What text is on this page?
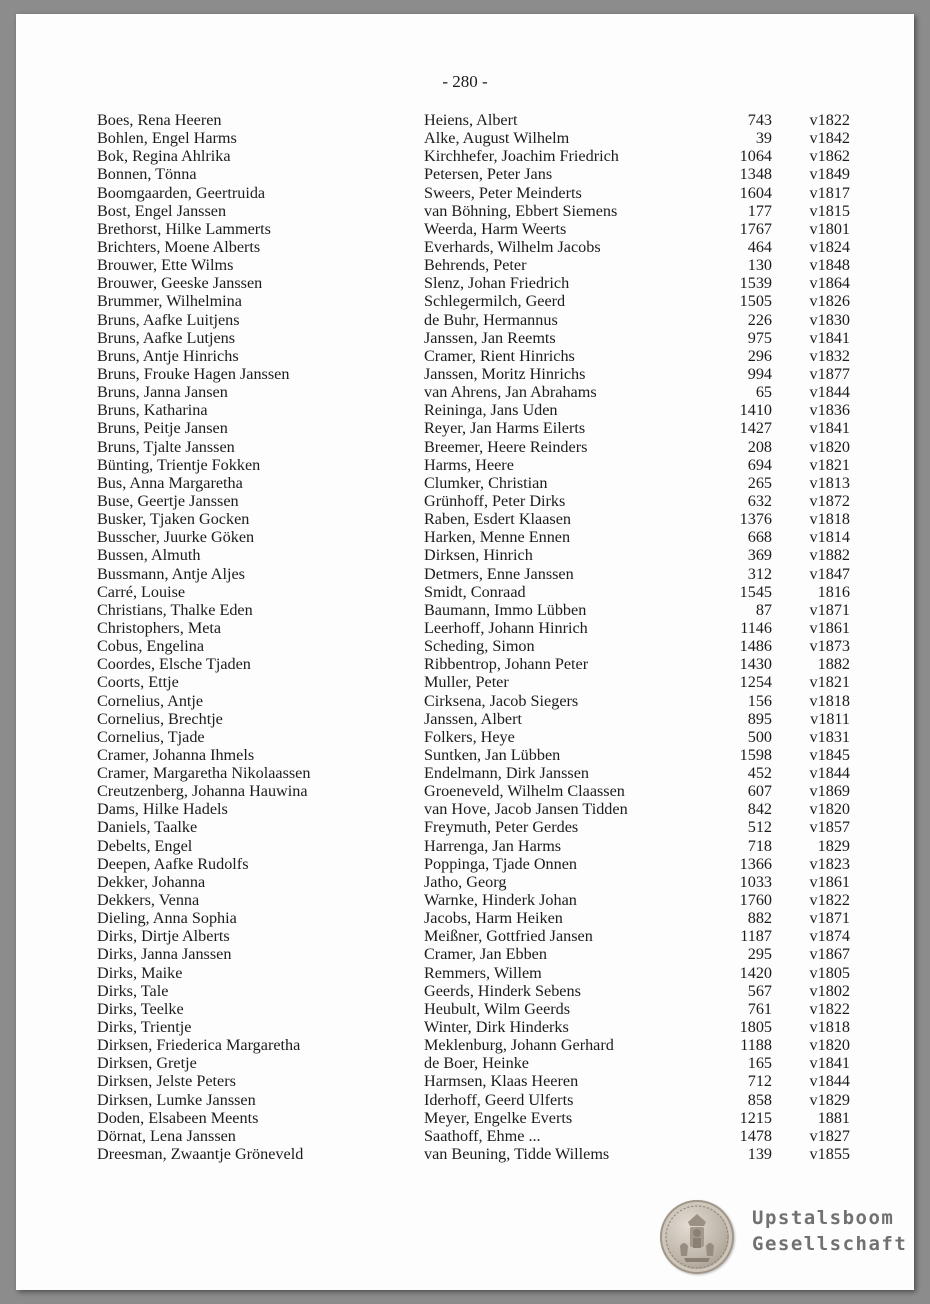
- 280 -
Boes, Rena Heeren	Heiens, Albert	743 v1822
Bohlen, Engel Harms	Alke, August Wilhelm	39 v1842
Bok, Regina Ahlrika	Kirchhefer, Joachim Friedrich	1064 v1862
Bonnen, Tönna	Petersen, Peter Jans	1348 v1849
Boomgaarden, Geertruida	Sweers, Peter Meinderts	1604 v1817
Bost, Engel Janssen	van Böhning, Ebbert Siemens	177 v1815
Brethorst, Hilke Lammerts	Weerda, Harm Weerts	1767 v1801
Brichters, Moene Alberts	Everhards, Wilhelm Jacobs	464 v1824
Brouwer, Ette Wilms	Behrends, Peter	130 v1848
Brouwer, Geeske Janssen	Slenz, Johan Friedrich	1539 v1864
Brummer, Wilhelmina	Schlegermilch, Geerd	1505 v1826
Bruns, Aafke Luitjens	de Buhr, Hermannus	226 v1830
Bruns, Aafke Lutjens	Janssen, Jan Reemts	975 v1841
Bruns, Antje Hinrichs	Cramer, Rient Hinrichs	296 v1832
Bruns, Frouke Hagen Janssen	Janssen, Moritz Hinrichs	994 v1877
Bruns, Janna Jansen	van Ahrens, Jan Abrahams	65 v1844
Bruns, Katharina	Reininga, Jans Uden	1410 v1836
Bruns, Peitje Jansen	Reyer, Jan Harms Eilerts	1427 v1841
Bruns, Tjalte Janssen	Breemer, Heere Reinders	208 v1820
Bünting, Trientje Fokken	Harms, Heere	694 v1821
Bus, Anna Margaretha	Clumker, Christian	265 v1813
Buse, Geertje Janssen	Grünhoff, Peter Dirks	632 v1872
Busker, Tjaken Gocken	Raben, Esdert Klaasen	1376 v1818
Busscher, Juurke Göken	Harken, Menne Ennen	668 v1814
Bussen, Almuth	Dirksen, Hinrich	369 v1882
Bussmann, Antje Aljes	Detmers, Enne Janssen	312 v1847
Carré, Louise	Smidt, Conraad	1545	1816
Christians, Thalke Eden	Baumann, Immo Lübben	87 v1871
Christophers, Meta	Leerhoff, Johann Hinrich	1146 v1861
Cobus, Engelina	Scheding, Simon	1486 v1873
Coordes, Elsche Tjaden	Ribbentrop, Johann Peter	1430	1882
Coorts, Ettje	Muller, Peter	1254 v1821
Cornelius, Antje	Cirksena, Jacob Siegers	156 v1818
Cornelius, Brechtje	Janssen, Albert	895 v1811
Cornelius, Tjade	Folkers, Heye	500 v1831
Cramer, Johanna Ihmels	Suntken, Jan Lübben	1598 v1845
Cramer, Margaretha Nikolaassen	Endelmann, Dirk Janssen	452 v1844
Creutzenberg, Johanna Hauwina	Groeneveld, Wilhelm Claassen	607 v1869
Dams, Hilke Hadels	van Hove, Jacob Jansen Tidden	842 v1820
Daniels, Taalke	Freymuth, Peter Gerdes	512 v1857
Debelts, Engel	Harrenga, Jan Harms	718	1829
Deepen, Aafke Rudolfs	Poppinga, Tjade Onnen	1366 v1823
Dekker, Johanna	Jatho, Georg	1033 v1861
Dekkers, Venna	Warnke, Hinderk Johan	1760 v1822
Dieling, Anna Sophia	Jacobs, Harm Heiken	882 v1871
Dirks, Dirtje Alberts	Meißner, Gottfried Jansen	1187 v1874
Dirks, Janna Janssen	Cramer, Jan Ebben	295 v1867
Dirks, Maike	Remmers, Willem	1420 v1805
Dirks, Tale	Geerds, Hinderk Sebens	567 v1802
Dirks, Teelke	Heubult, Wilm Geerds	761 v1822
Dirks, Trientje	Winter, Dirk Hinderks	1805 v1818
Dirksen, Friederica Margaretha	Meklenburg, Johann Gerhard	1188 v1820
Dirksen, Gretje	de Boer, Heinke	165 v1841
Dirksen, Jelste Peters	Harmsen, Klaas Heeren	712 v1844
Dirksen, Lumke Janssen	Iderhoff, Geerd Ulferts	858 v1829
Doden, Elsabeen Meents	Meyer, Engelke Everts	1215	1881
Dörnat, Lena Janssen	Saathoff, Ehme ...	1478 v1827
Dreesman, Zwaantje Gröneveld	van Beuning, Tidde Willems	139 v1855
Upstalsboom
Gesellschaft
